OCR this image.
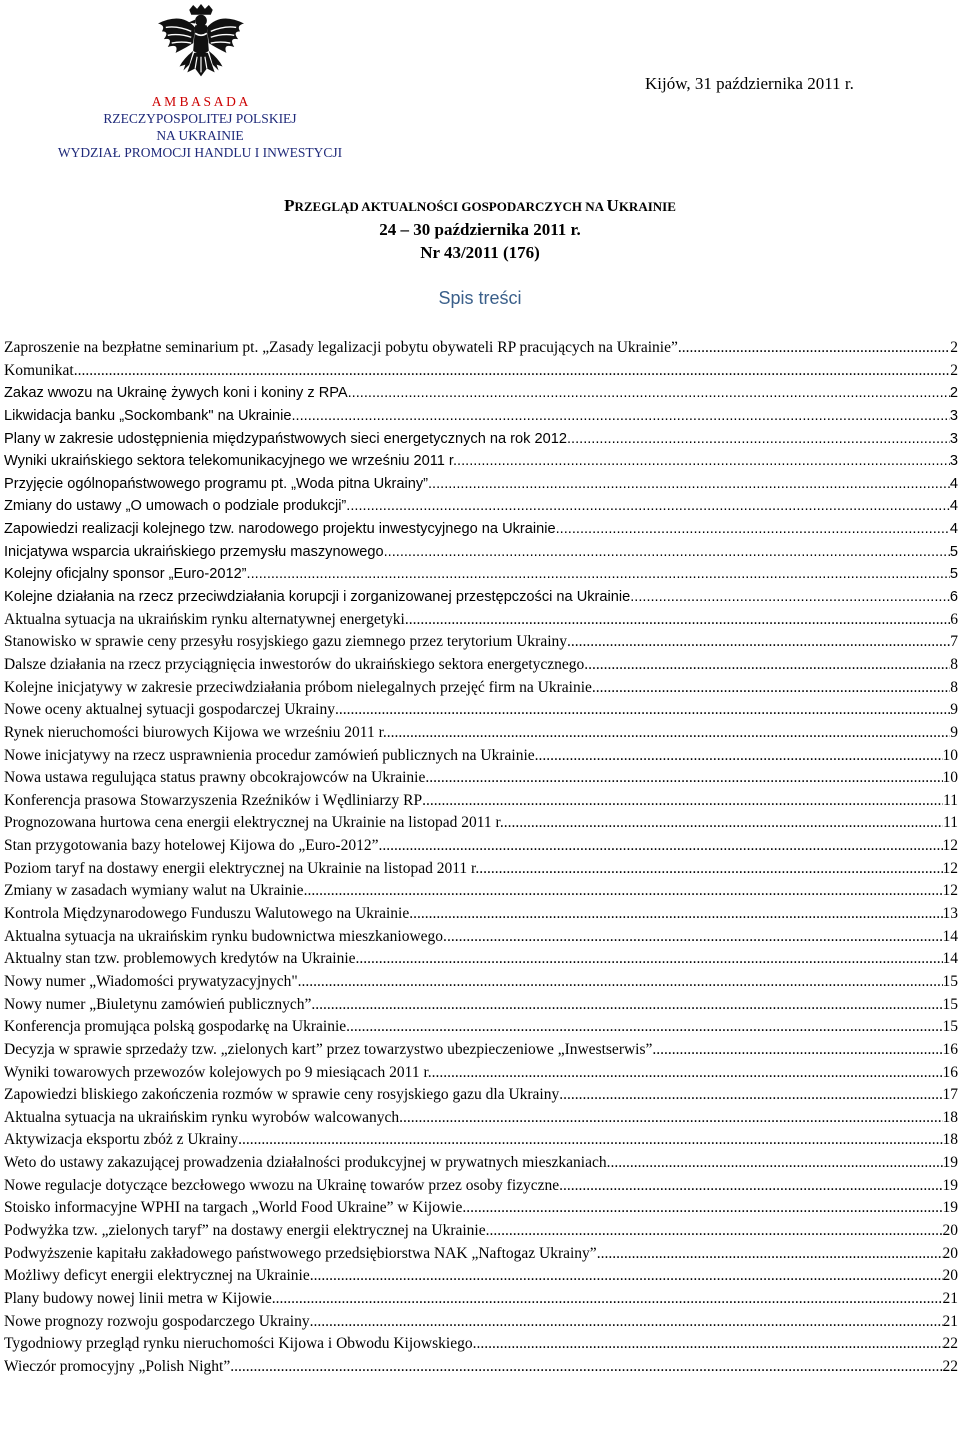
A M B A S A D A
RZECZYPOSPOLITEJ POLSKIEJ
NA UKRAINIE
WYDZIAŁ PROMOCJI HANDLU I INWESTYCJI
Kijów, 31 października 2011 r.
PRZEGLĄD AKTUALNOŚCI GOSPODARCZYCH NA UKRAINIE
24 – 30 października 2011 r.
Nr 43/2011 (176)
Spis treści
Zaproszenie na bezpłatne seminarium pt. „Zasady legalizacji pobytu obywateli RP pracujących na Ukrainie” .....	2
Komunikat .....	2
Zakaz wwozu na Ukrainę żywych koni i koniny z RPA .....	2
Likwidacja banku „Sockombank" na Ukrainie .....	3
Plany w zakresie udostępnienia międzypaństwowych sieci energetycznych na rok 2012 .....	3
Wyniki ukraińskiego sektora telekomunikacyjnego we wrześniu 2011 r. .....	3
Przyjęcie ogólnopaństwowego programu pt. „Woda pitna Ukrainy” .....	4
Zmiany do ustawy „O umowach o podziale produkcji” .....	4
Zapowiedzi realizacji kolejnego tzw. narodowego projektu inwestycyjnego na Ukrainie .....	4
Inicjatywa wsparcia ukraińskiego przemysłu maszynowego. .....	5
Kolejny oficjalny sponsor „Euro-2012” .....	5
Kolejne działania na rzecz przeciwdziałania korupcji i zorganizowanej przestępczości na Ukrainie .....	6
Aktualna sytuacja na ukraińskim rynku alternatywnej energetyki .....	6
Stanowisko w sprawie ceny przesyłu rosyjskiego gazu ziemnego przez terytorium Ukrainy .....	7
Dalsze działania na rzecz przyciągnięcia inwestorów do ukraińskiego sektora energetycznego .....	8
Kolejne inicjatywy w zakresie przeciwdziałania próbom nielegalnych przejęć firm na Ukrainie .....	8
Nowe oceny aktualnej sytuacji gospodarczej Ukrainy .....	9
Rynek nieruchomości biurowych Kijowa we wrześniu 2011 r. .....	9
Nowe inicjatywy na rzecz usprawnienia procedur zamówień publicznych na Ukrainie .....	10
Nowa ustawa regulująca status prawny obcokrajowców na Ukrainie .....	10
Konferencja prasowa Stowarzyszenia Rzeźników i Wędliniarzy RP .....	11
Prognozowana hurtowa cena energii elektrycznej na Ukrainie na listopad 2011 r. .....	11
Stan przygotowania bazy hotelowej Kijowa do „Euro-2012” .....	12
Poziom taryf na dostawy energii elektrycznej na Ukrainie na listopad 2011 r. .....	12
Zmiany w zasadach wymiany walut na Ukrainie. .....	12
Kontrola Międzynarodowego Funduszu Walutowego na Ukrainie .....	13
Aktualna sytuacja na ukraińskim rynku budownictwa mieszkaniowego. .....	14
Aktualny stan tzw. problemowych kredytów na Ukrainie .....	14
Nowy numer „Wiadomości prywatyzacyjnych" .....	15
Nowy numer „Biuletynu zamówień publicznych” .....	15
Konferencja promująca polską gospodarkę na Ukrainie. .....	15
Decyzja w sprawie sprzedaży tzw. „zielonych kart” przez towarzystwo ubezpieczeniowe „Inwestserwis” .....	16
Wyniki towarowych przewozów kolejowych po 9 miesiącach 2011 r. .....	16
Zapowiedzi bliskiego zakończenia rozmów w sprawie ceny rosyjskiego gazu dla Ukrainy .....	17
Aktualna sytuacja na ukraińskim rynku wyrobów walcowanych .....	18
Aktywizacja eksportu zbóż z Ukrainy .....	18
Weto do ustawy zakazującej prowadzenia działalności produkcyjnej w prywatnych mieszkaniach .....	19
Nowe regulacje dotyczące bezcłowego wwozu na Ukrainę towarów przez osoby fizyczne .....	19
Stoisko informacyjne WPHI na targach „World Food Ukraine” w Kijowie .....	19
Podwyżka tzw. „zielonych taryf” na dostawy energii elektrycznej na Ukrainie .....	20
Podwyższenie kapitału zakładowego państwowego przedsiębiorstwa NAK „Naftogaz Ukrainy” .....	20
Możliwy deficyt energii elektrycznej na Ukrainie .....	20
Plany budowy nowej linii metra w Kijowie .....	21
Nowe prognozy rozwoju gospodarczego Ukrainy .....	21
Tygodniowy przegląd rynku nieruchomości Kijowa i Obwodu Kijowskiego .....	22
Wieczór promocyjny „Polish Night” .....	22
